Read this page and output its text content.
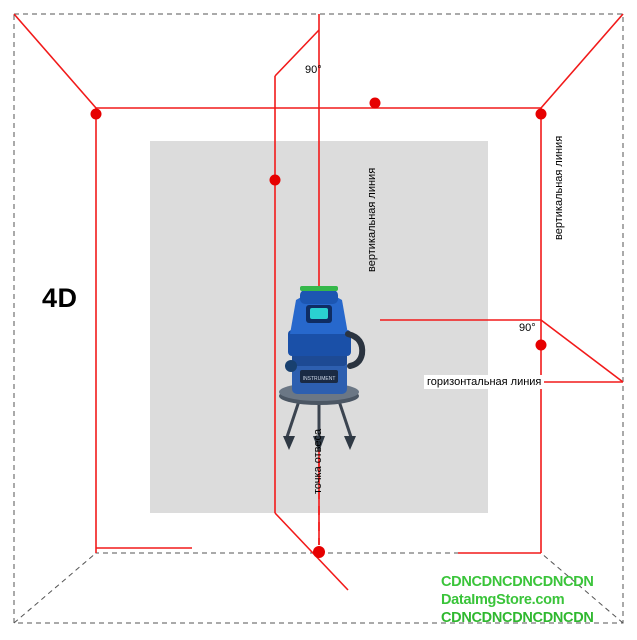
INSTRUMENT
4D
90°
90°
вертикальная линия	вертикальная линия
горизонтальная линия
точка отвеса
CDNCDNCDNCDNCDN
DataImgStore.com
CDNCDNCDNCDNCDN
